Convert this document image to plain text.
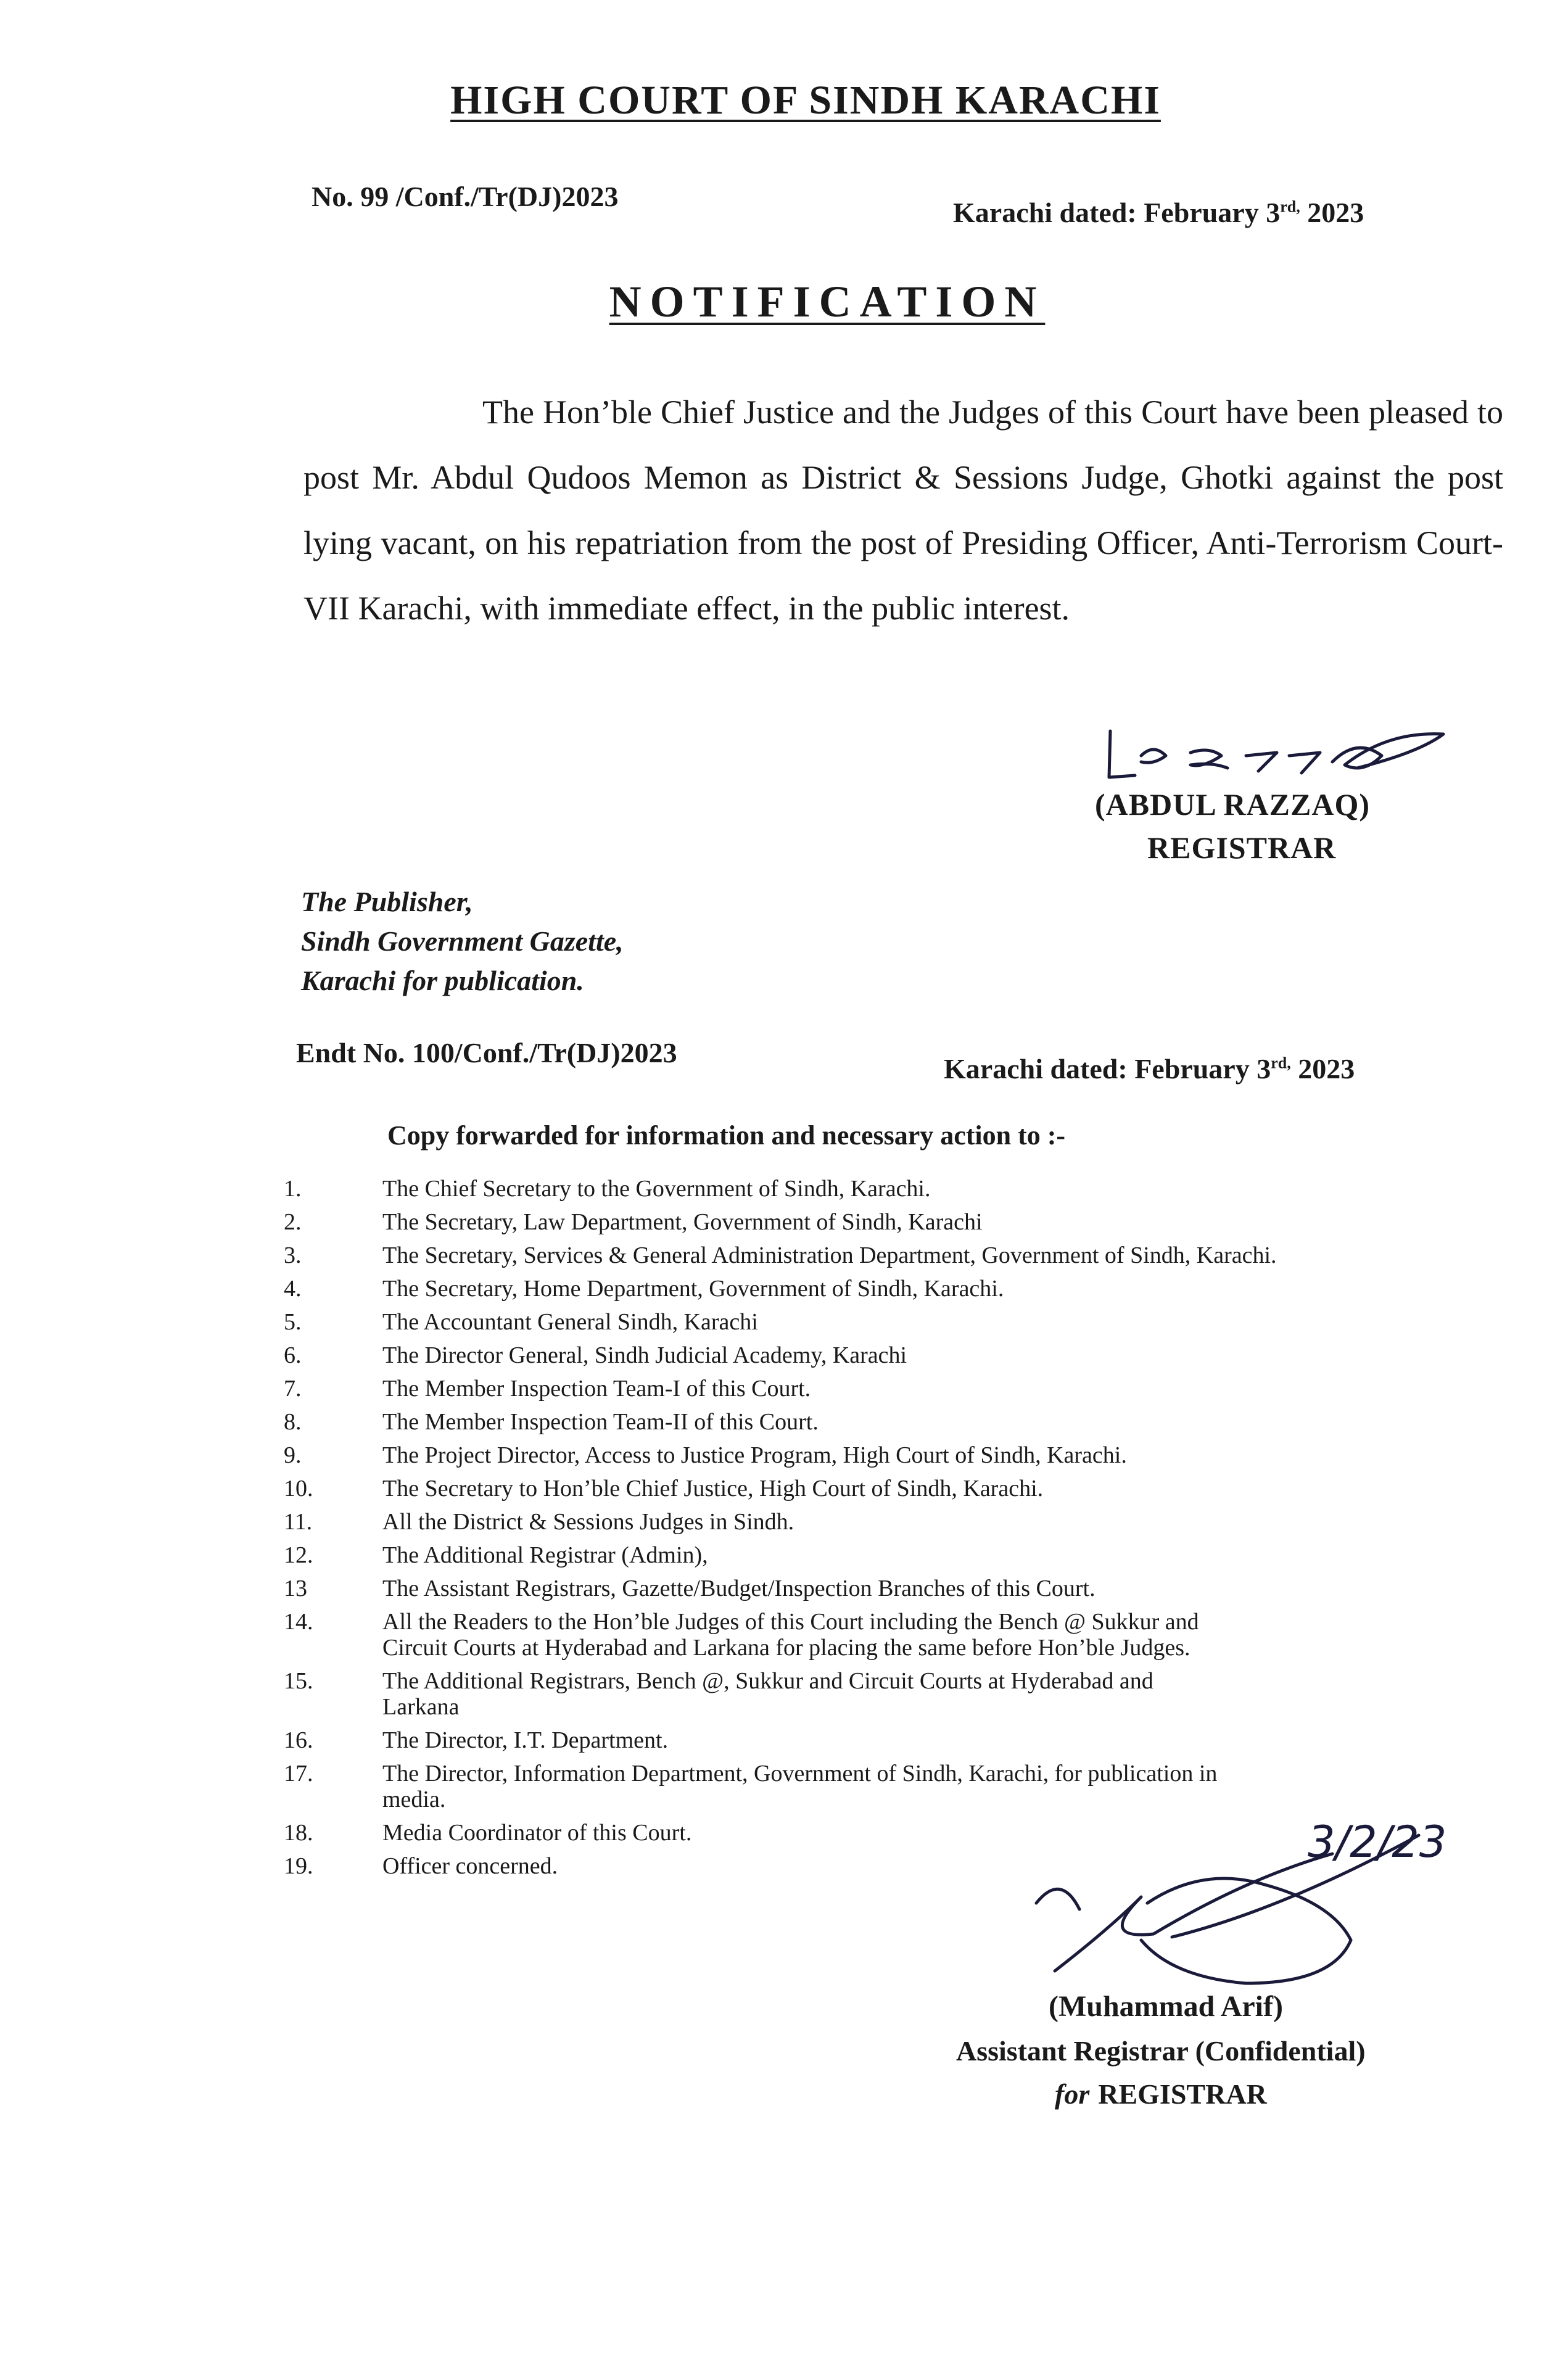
HIGH COURT OF SINDH KARACHI
No. 99 /Conf./Tr(DJ)2023
Karachi dated: February $3^{rd,}$ 2023
NOTIFICATION
The Hon’ble Chief Justice and the Judges of this Court have been pleased to post Mr. Abdul Qudoos Memon as District & Sessions Judge, Ghotki against the post lying vacant, on his repatriation from the post of Presiding Officer, Anti-Terrorism Court-VII Karachi, with immediate effect, in the public interest.
(ABDUL RAZZAQ)
REGISTRAR
The Publisher,
Sindh Government Gazette,
Karachi for publication.
Endt No. 100/Conf./Tr(DJ)2023
Karachi dated: February $3^{rd,}$ 2023
Copy forwarded for information and necessary action to :-
1.	The Chief Secretary to the Government of Sindh, Karachi.
2.	The Secretary, Law Department, Government of Sindh, Karachi
3.	The Secretary, Services & General Administration Department, Government of Sindh, Karachi.
4.	The Secretary, Home Department, Government of Sindh, Karachi.
5.	The Accountant General Sindh, Karachi
6.	The Director General, Sindh Judicial Academy, Karachi
7.	The Member Inspection Team-I of this Court.
8.	The Member Inspection Team-II of this Court.
9.	The Project Director, Access to Justice Program, High Court of Sindh, Karachi.
10.	The Secretary to Hon’ble Chief Justice, High Court of Sindh, Karachi.
11.	All the District & Sessions Judges in Sindh.
12.	The Additional Registrar (Admin),
13	The Assistant Registrars, Gazette/Budget/Inspection Branches of this Court.
14.	All the Readers to the Hon’ble Judges of this Court including the Bench @ Sukkur and
Circuit Courts at Hyderabad and Larkana for placing the same before Hon’ble Judges.
15.	The Additional Registrars, Bench @, Sukkur and Circuit Courts at Hyderabad and
Larkana
16.	The Director, I.T. Department.
17.	The Director, Information Department, Government of Sindh, Karachi, for publication in
media.
18.	Media Coordinator of this Court.
19.	Officer concerned.	3/2/23
(Muhammad Arif)
Assistant Registrar (Confidential)
for REGISTRAR
